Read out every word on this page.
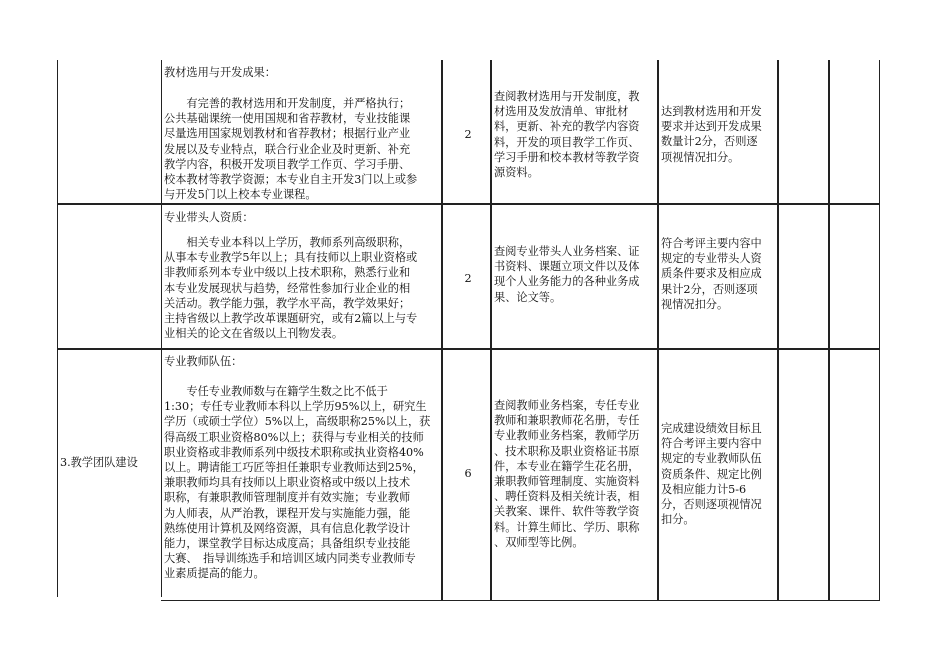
教材选用与开发成果：
　　有完善的教材选用和开发制度，并严格执行；
公共基础课统一使用国规和省荐教材，专业技能课
尽量选用国家规划教材和省荐教材；根据行业产业
发展以及专业特点，联合行业企业及时更新、补充
教学内容，积极开发项目教学工作页、学习手册、
校本教材等教学资源；本专业自主开发3门以上或参
与开发5门以上校本专业课程。
2
查阅教材选用与开发制度，教
材选用及发放清单、审批材
料，更新、补充的教学内容资
料，开发的项目教学工作页、
学习手册和校本教材等教学资
源资料。
达到教材选用和开发
要求并达到开发成果
数量计2分，否则逐
项视情况扣分。
专业带头人资质：
　　相关专业本科以上学历，教师系列高级职称，
从事本专业教学5年以上；具有技师以上职业资格或
非教师系列本专业中级以上技术职称，熟悉行业和
本专业发展现状与趋势，经常性参加行业企业的相
关活动。教学能力强，教学水平高，教学效果好；
主持省级以上教学改革课题研究，或有2篇以上与专
业相关的论文在省级以上刊物发表。
2
查阅专业带头人业务档案、证
书资料、课题立项文件以及体
现个人业务能力的各种业务成
果、论文等。
符合考评主要内容中
规定的专业带头人资
质条件要求及相应成
果计2分，否则逐项
视情况扣分。
3.教学团队建设
专业教师队伍：
　　专任专业教师数与在籍学生数之比不低于
1:30；专任专业教师本科以上学历95%以上，研究生
学历（或硕士学位）5%以上，高级职称25%以上，获
得高级工职业资格80%以上；获得与专业相关的技师
职业资格或非教师系列中级技术职称或执业资格40%
以上。聘请能工巧匠等担任兼职专业教师达到25%，
兼职教师均具有技师以上职业资格或中级以上技术
职称，有兼职教师管理制度并有效实施；专业教师
为人师表，从严治教，课程开发与实施能力强，能
熟练使用计算机及网络资源，具有信息化教学设计
能力，课堂教学目标达成度高；具备组织专业技能
大赛、　指导训练选手和培训区域内同类专业教师专
业素质提高的能力。
6
查阅教师业务档案，专任专业
教师和兼职教师花名册，专任
专业教师业务档案，教师学历
、技术职称及职业资格证书原
件，本专业在籍学生花名册，
兼职教师管理制度、实施资料
、聘任资料及相关统计表，相
关教案、课件、软件等教学资
料。计算生师比、学历、职称
、双师型等比例。
完成建设绩效目标且
符合考评主要内容中
规定的专业教师队伍
资质条件、规定比例
及相应能力计5-6
分，否则逐项视情况
扣分。
